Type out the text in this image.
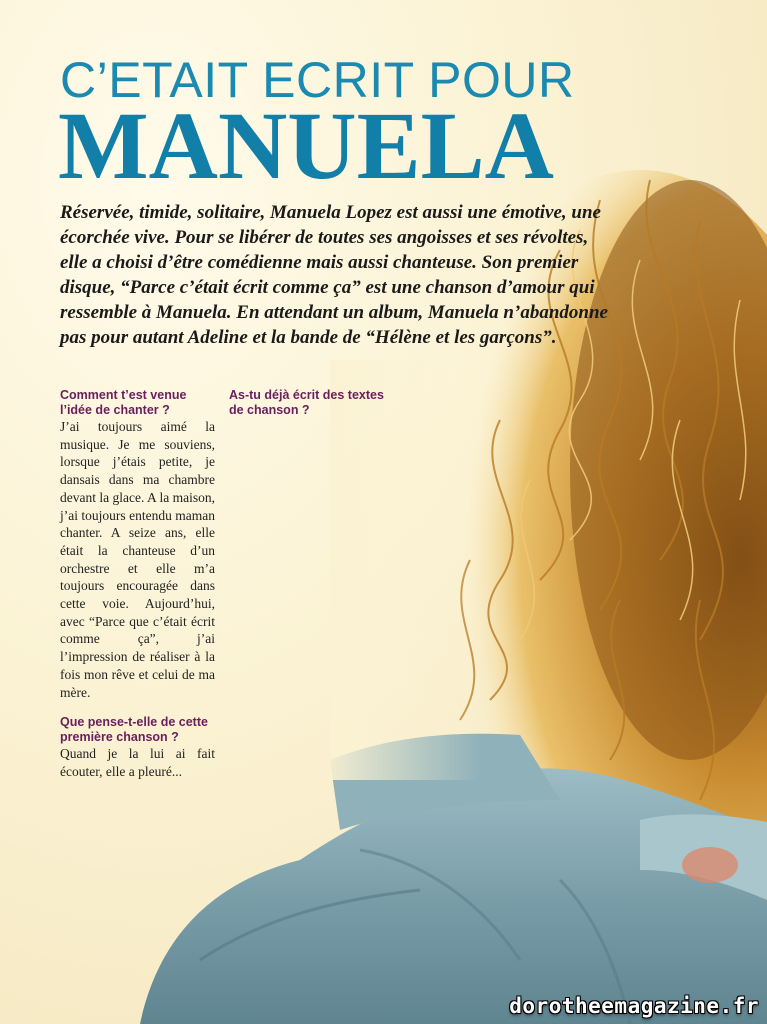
C’ETAIT ECRIT POUR
MANUELA

Réservée, timide, solitaire, Manuela Lopez est aussi une émotive, une écorchée vive. Pour se libérer de toutes ses angoisses et ses révoltes, elle a choisi d’être comédienne mais aussi chanteuse. Son premier disque, “Parce c’était écrit comme ça” est une chanson d’amour qui ressemble à Manuela. En attendant un album, Manuela n’abandonne pas pour autant Adeline et la bande de “Hélène et les garçons”.

Comment t’est venue l’idée de chanter ?

J’ai toujours aimé la musique. Je me souviens, lorsque j’étais petite, je dansais dans ma chambre devant la glace. A la maison, j’ai toujours entendu maman chanter. A seize ans, elle était la chanteuse d’un orchestre et elle m’a toujours encouragée dans cette voie. Aujourd’hui, avec “Parce que c’était écrit comme ça”, j’ai l’impression de réaliser à la fois mon rêve et celui de ma mère.

Que pense-t-elle de cette première chanson ?

Quand je la lui ai fait écouter, elle a pleuré...

As-tu déjà écrit des textes de chanson ?

dorotheemagazine.fr
